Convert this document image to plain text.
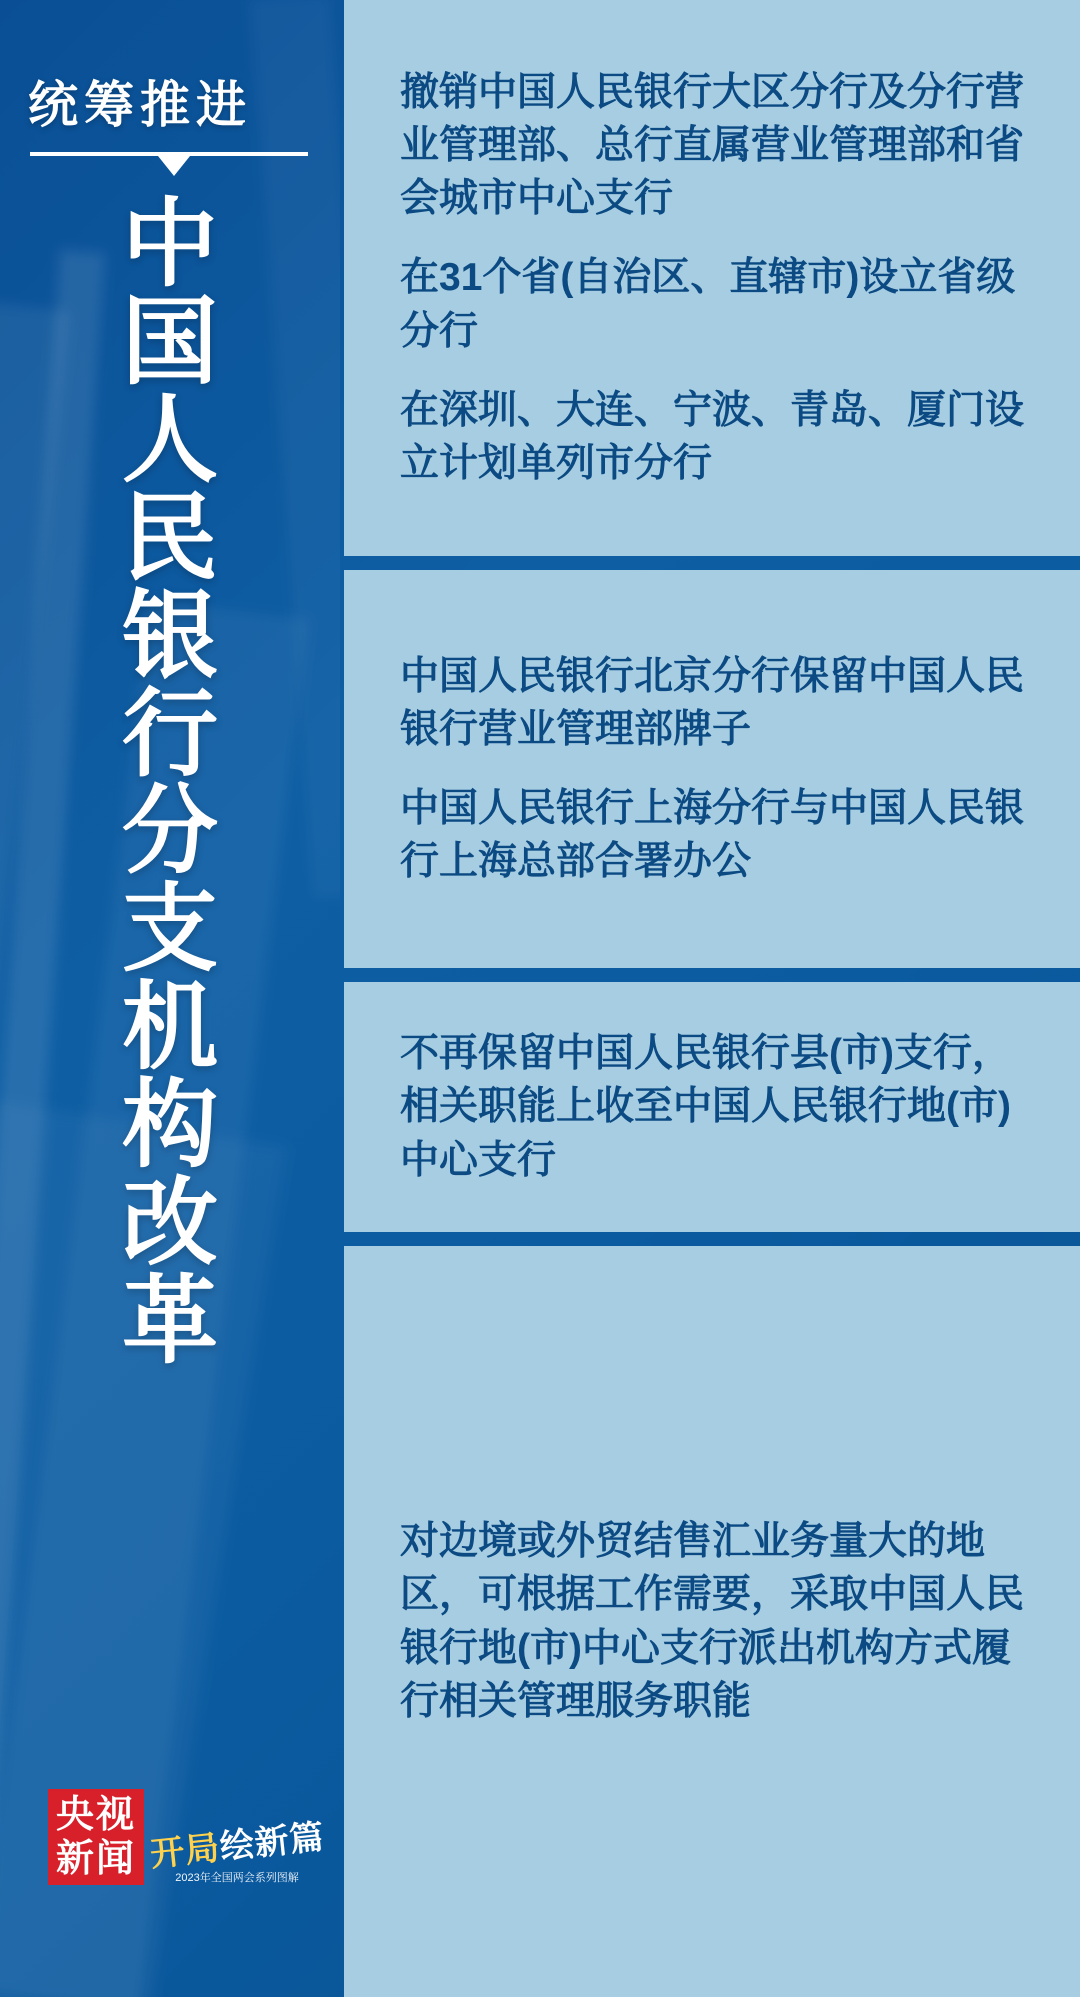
统筹推进
中国人民银行分支机构改革
央视
新闻 开局绘新篇
2023年全国两会系列图解

撤销中国人民银行大区分行及分行营业管理部、总行直属营业管理部和省会城市中心支行

在31个省(自治区、直辖市)设立省级分行

在深圳、大连、宁波、青岛、厦门设立计划单列市分行

中国人民银行北京分行保留中国人民银行营业管理部牌子

中国人民银行上海分行与中国人民银行上海总部合署办公

不再保留中国人民银行县(市)支行，相关职能上收至中国人民银行地(市)中心支行

对边境或外贸结售汇业务量大的地区，可根据工作需要，采取中国人民银行地(市)中心支行派出机构方式履行相关管理服务职能
